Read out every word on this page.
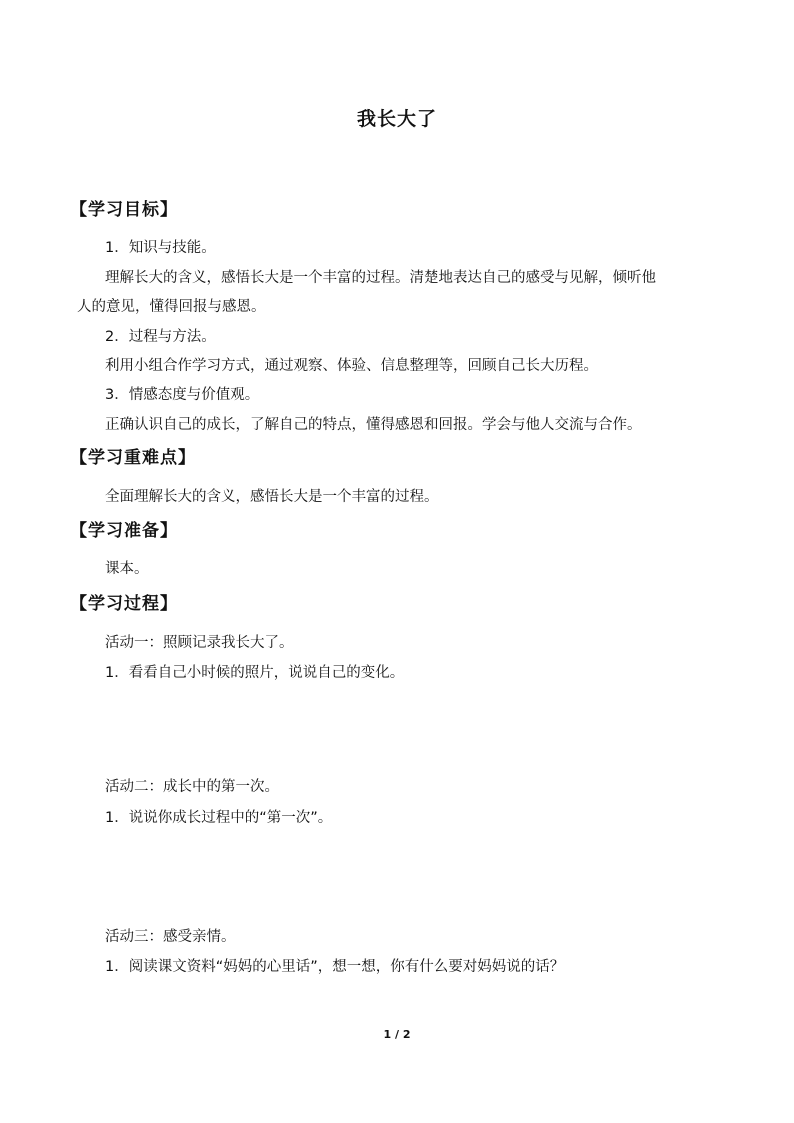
我长大了
【学习目标】
1．知识与技能。
理解长大的含义，感悟长大是一个丰富的过程。清楚地表达自己的感受与见解，倾听他
人的意见，懂得回报与感恩。
2．过程与方法。
利用小组合作学习方式，通过观察、体验、信息整理等，回顾自己长大历程。
3．情感态度与价值观。
正确认识自己的成长，了解自己的特点，懂得感恩和回报。学会与他人交流与合作。
【学习重难点】
全面理解长大的含义，感悟长大是一个丰富的过程。
【学习准备】
课本。
【学习过程】
活动一：照顾记录我长大了。
1．看看自己小时候的照片，说说自己的变化。
活动二：成长中的第一次。
1．说说你成长过程中的“第一次”。
活动三：感受亲情。
1．阅读课文资料“妈妈的心里话”，想一想，你有什么要对妈妈说的话？
1 / 2
